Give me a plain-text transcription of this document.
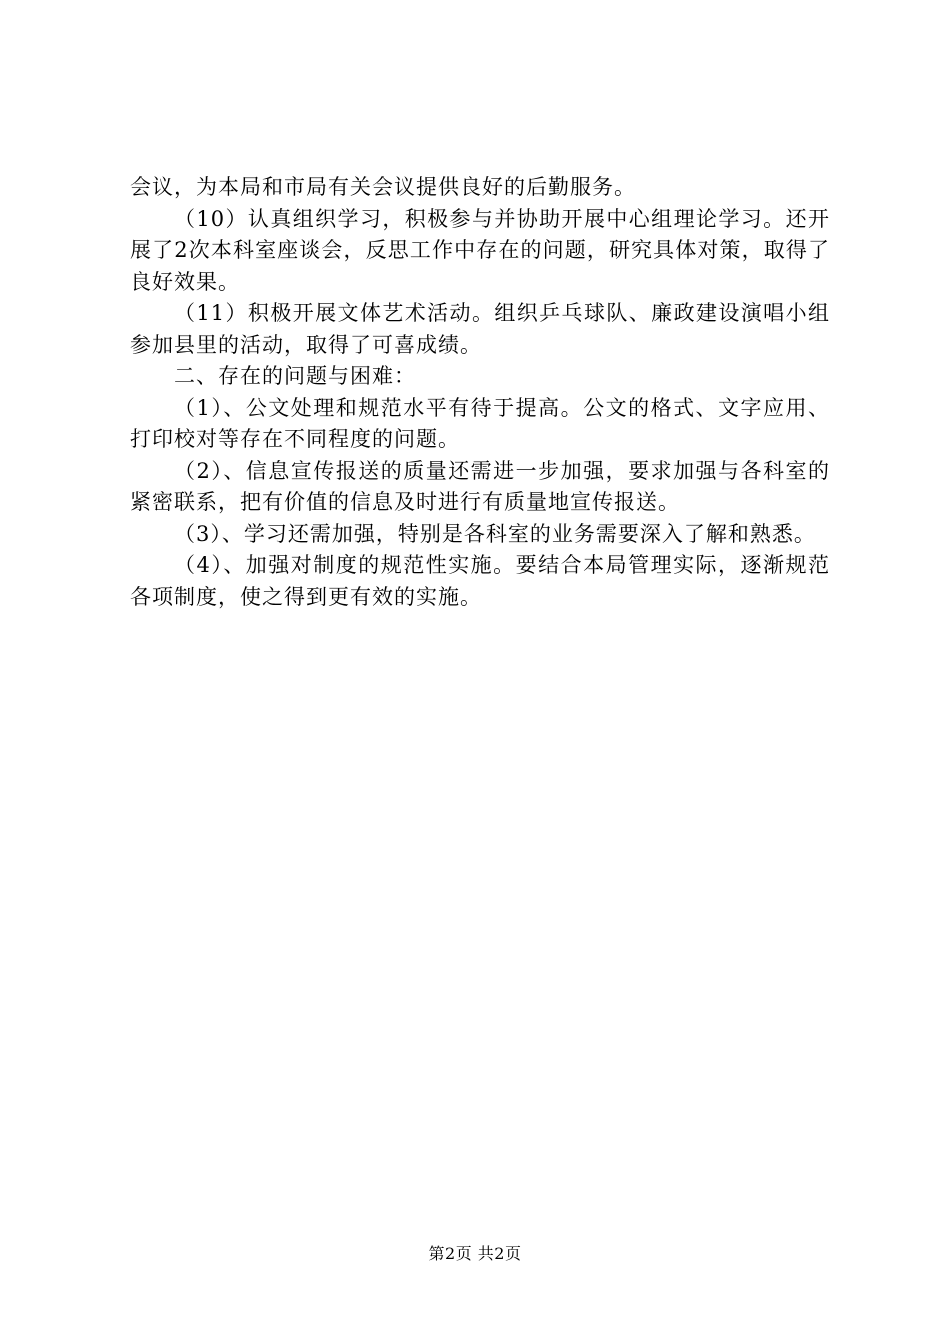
会议，为本局和市局有关会议提供良好的后勤服务。

（10）认真组织学习，积极参与并协助开展中心组理论学习。还开展了2次本科室座谈会，反思工作中存在的问题，研究具体对策，取得了良好效果。

（11）积极开展文体艺术活动。组织乒乓球队、廉政建设演唱小组参加县里的活动，取得了可喜成绩。

二、存在的问题与困难：

（1）、公文处理和规范水平有待于提高。公文的格式、文字应用、打印校对等存在不同程度的问题。

（2）、信息宣传报送的质量还需进一步加强，要求加强与各科室的紧密联系，把有价值的信息及时进行有质量地宣传报送。

（3）、学习还需加强，特别是各科室的业务需要深入了解和熟悉。

（4）、加强对制度的规范性实施。要结合本局管理实际，逐渐规范各项制度，使之得到更有效的实施。

第2页 共2页
